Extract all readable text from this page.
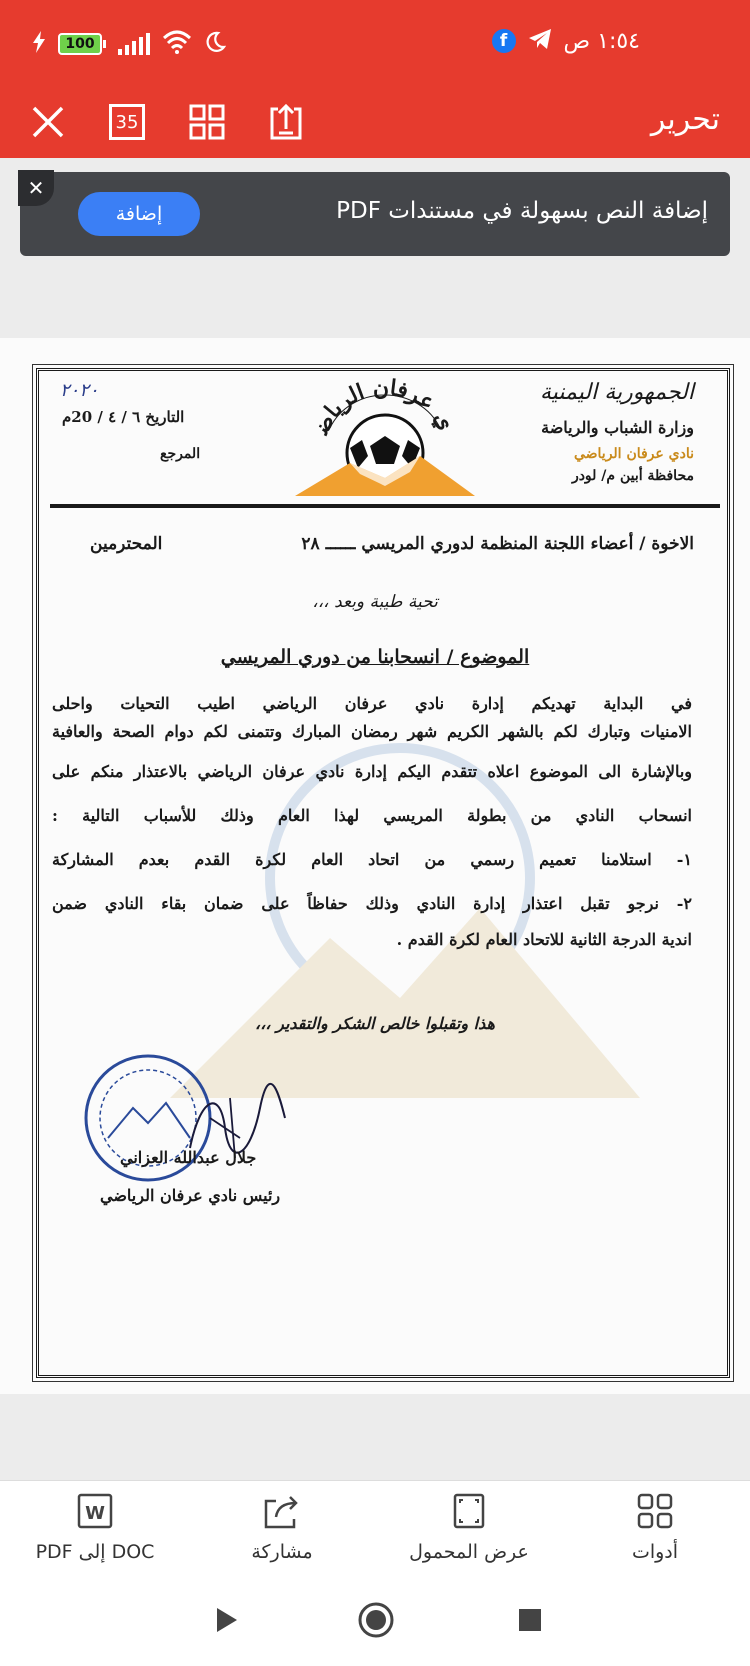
100	f	١:٥٤ ص
35	تحرير
✕
إضافة	إضافة النص بسهولة في مستندات PDF
الجمهورية اليمنية
وزارة الشباب والرياضة
نادي عرفان الرياضي
محافظة أبين م/ لودر
ي عرفان الرياض
٢٠٢٠
التاريخ ٦ / ٤ / 20م
المرجع
الاخوة / أعضاء اللجنة المنظمة لدوري المريسي ــــــ ٢٨
المحترمين
تحية طيبة وبعد ،،،
الموضوع / انسحابنا من دوري المريسي
في البداية تهديكم إدارة نادي عرفان الرياضي اطيب التحيات واحلى
الامنيات وتبارك لكم بالشهر الكريم شهر رمضان المبارك وتتمنى لكم دوام الصحة والعافية
وبالإشارة الى الموضوع اعلاه تتقدم اليكم إدارة نادي عرفان الرياضي بالاعتذار منكم على
انسحاب النادي من بطولة المريسي لهذا العام وذلك للأسباب التالية :
١- استلامنا تعميم رسمي من اتحاد العام لكرة القدم بعدم المشاركة
٢- نرجو تقبل اعتذار إدارة النادي وذلك حفاظاً على ضمان بقاء النادي ضمن
اندية الدرجة الثانية للاتحاد العام لكرة القدم .
هذا وتقبلوا خالص الشكر والتقدير ،،،
جلال عبدالله العزاني
رئيس نادي عرفان الرياضي
W
PDF إلى DOC	مشاركة	عرض المحمول	أدوات
